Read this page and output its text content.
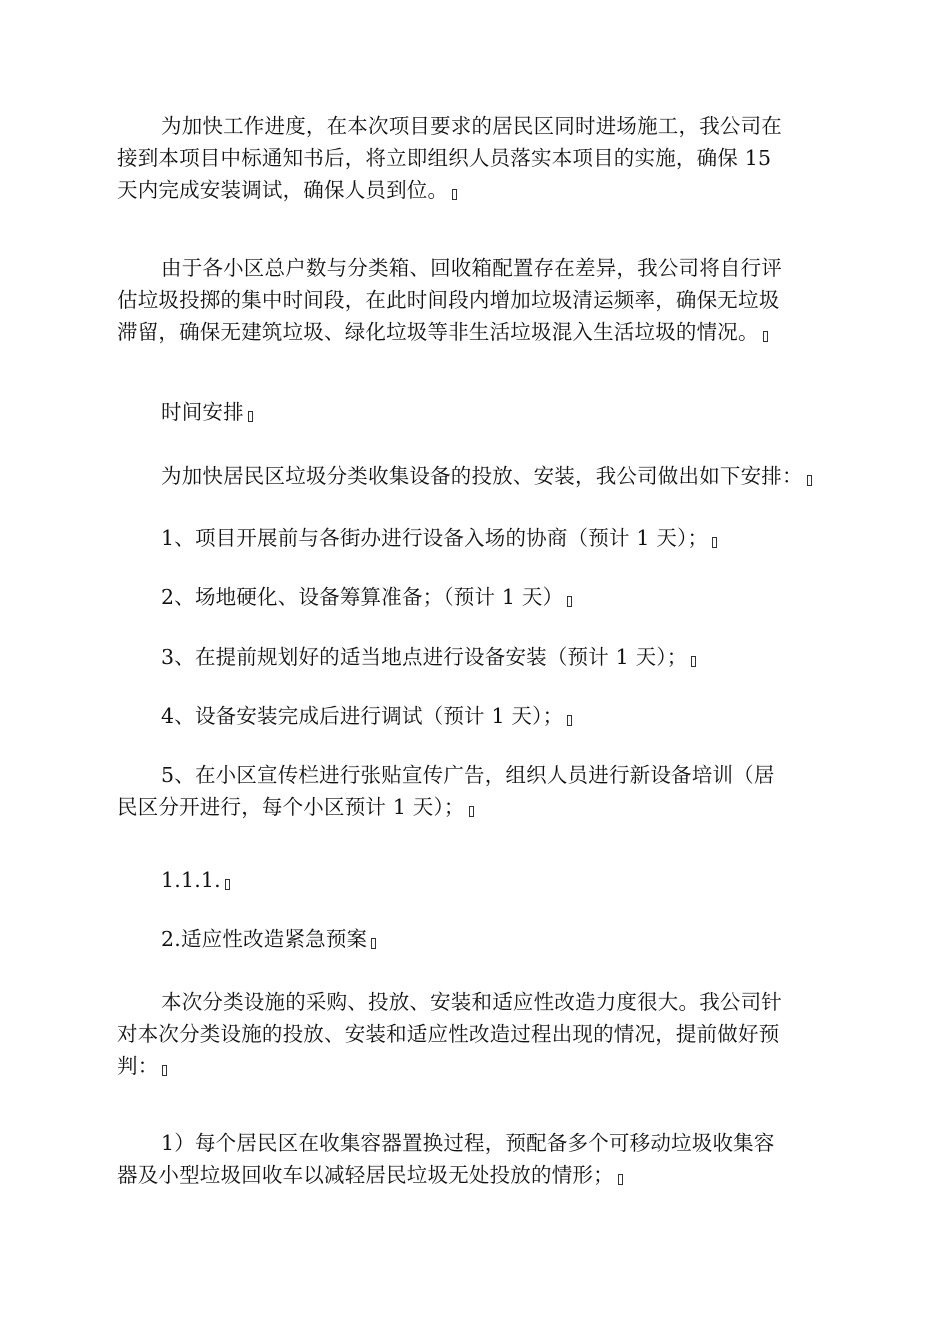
为加快工作进度，在本次项目要求的居民区同时进场施工，我公司在
接到本项目中标通知书后，将立即组织人员落实本项目的实施，确保 15
天内完成安装调试，确保人员到位。

由于各小区总户数与分类箱、回收箱配置存在差异，我公司将自行评
估垃圾投掷的集中时间段，在此时间段内增加垃圾清运频率，确保无垃圾
滞留，确保无建筑垃圾、绿化垃圾等非生活垃圾混入生活垃圾的情况。

时间安排

为加快居民区垃圾分类收集设备的投放、安装，我公司做出如下安排：

1、项目开展前与各街办进行设备入场的协商（预计 1 天）；

2、场地硬化、设备筹算准备；（预计 1 天）

3、在提前规划好的适当地点进行设备安装（预计 1 天）；

4、设备安装完成后进行调试（预计 1 天）；

5、在小区宣传栏进行张贴宣传广告，组织人员进行新设备培训（居
民区分开进行，每个小区预计 1 天）；

1.1.1.

2.适应性改造紧急预案

本次分类设施的采购、投放、安装和适应性改造力度很大。我公司针
对本次分类设施的投放、安装和适应性改造过程出现的情况，提前做好预
判：

1）每个居民区在收集容器置换过程，预配备多个可移动垃圾收集容
器及小型垃圾回收车以减轻居民垃圾无处投放的情形；
